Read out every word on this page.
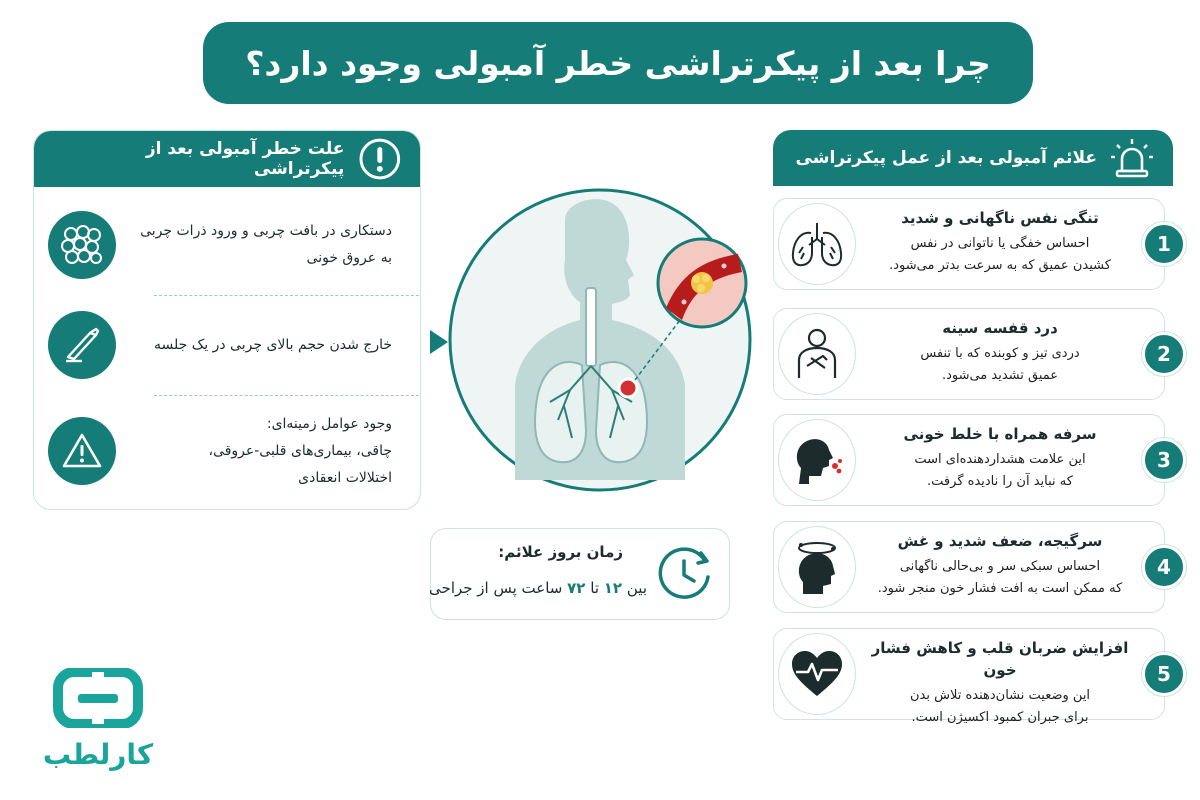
چرا بعد از پیکرتراشی خطر آمبولی وجود دارد؟
علت خطر آمبولی بعد از پیکرتراشی
دستکاری در بافت چربی و ورود ذرات چربی
به عروق خونی
خارج شدن حجم بالای چربی در یک جلسه
وجود عوامل زمینه‌ای:
چاقی، بیماری‌های قلبی-عروقی،
اختلالات انعقادی
زمان بروز علائم:
بین ۱۲ تا ۷۲ ساعت پس از جراحی
علائم آمبولی بعد از عمل پیکرتراشی
تنگی نفس ناگهانی و شدید
احساس خفگی یا ناتوانی در نفس
کشیدن عمیق که به سرعت بدتر می‌شود.
1
درد قفسه سینه
دردی تیز و کوبنده که با تنفس
عمیق تشدید می‌شود.
2
سرفه همراه با خلط خونی
این علامت هشداردهنده‌ای است
که نباید آن را نادیده گرفت.
3
سرگیجه، ضعف شدید و غش
احساس سبکی سر و بی‌حالی ناگهانی
که ممکن است به افت فشار خون منجر شود.
4
افزایش ضربان قلب و کاهش فشار خون
این وضعیت نشان‌دهنده تلاش بدن
برای جبران کمبود اکسیژن است.
5
کارلطب
